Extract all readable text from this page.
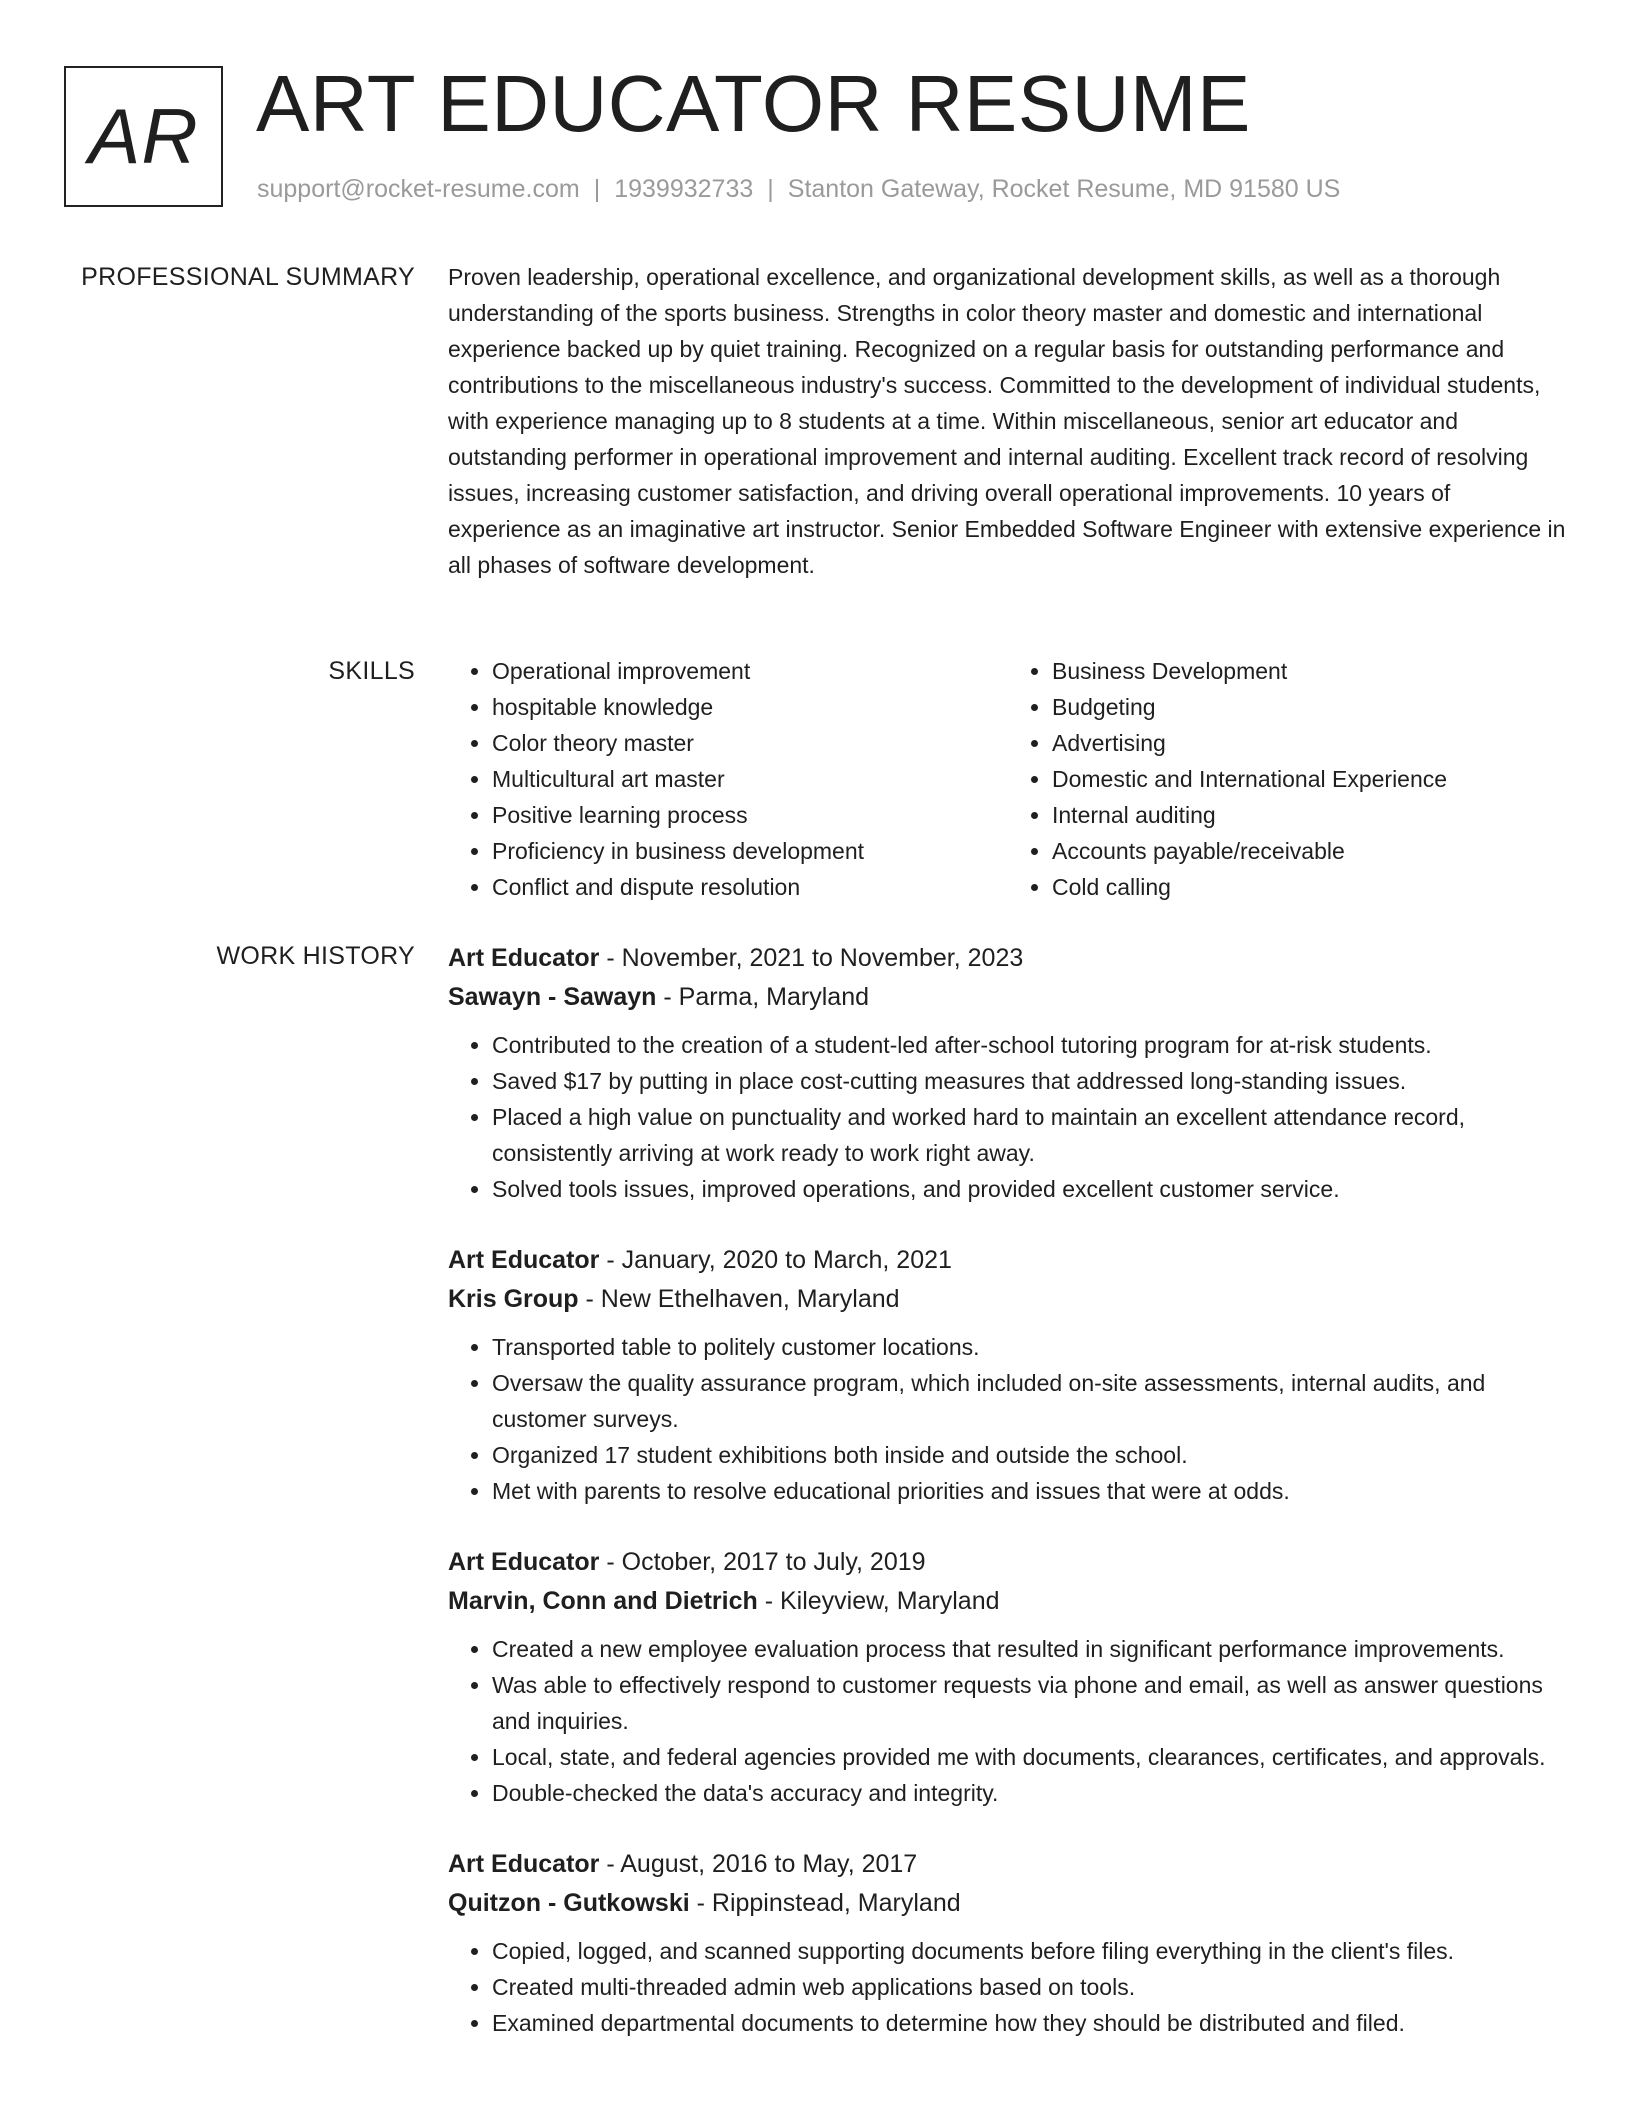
AR ART EDUCATOR RESUME
support@rocket-resume.com | 1939932733 | Stanton Gateway, Rocket Resume, MD 91580 US
PROFESSIONAL SUMMARY Proven leadership, operational excellence, and organizational development skills, as well as a thorough understanding of the sports business. Strengths in color theory master and domestic and international experience backed up by quiet training. Recognized on a regular basis for outstanding performance and contributions to the miscellaneous industry's success. Committed to the development of individual students, with experience managing up to 8 students at a time. Within miscellaneous, senior art educator and outstanding performer in operational improvement and internal auditing. Excellent track record of resolving issues, increasing customer satisfaction, and driving overall operational improvements. 10 years of experience as an imaginative art instructor. Senior Embedded Software Engineer with extensive experience in all phases of software development.

SKILLS
•	Operational improvement
• hospitable knowledge
• Color theory master
• Multicultural art master
• Positive learning process
• Proficiency in business development
• Conflict and dispute resolution
• Business Development
• Budgeting
• Advertising
• Domestic and International Experience
• Internal auditing
• Accounts payable/receivable
• Cold calling
WORK HISTORY Art Educator - November, 2021 to November, 2023
Sawayn - Sawayn - Parma, Maryland
• Contributed to the creation of a student-led after-school tutoring program for at-risk students.
• Saved $17 by putting in place cost-cutting measures that addressed long-standing issues.
• Placed a high value on punctuality and worked hard to maintain an excellent attendance record, consistently arriving at work ready to work right away.
• Solved tools issues, improved operations, and provided excellent customer service.
Art Educator - January, 2020 to March, 2021
Kris Group - New Ethelhaven, Maryland
• Transported table to politely customer locations.
• Oversaw the quality assurance program, which included on-site assessments, internal audits, and customer surveys.
• Organized 17 student exhibitions both inside and outside the school.
• Met with parents to resolve educational priorities and issues that were at odds.
Art Educator - October, 2017 to July, 2019
Marvin, Conn and Dietrich - Kileyview, Maryland
• Created a new employee evaluation process that resulted in significant performance improvements.
• Was able to effectively respond to customer requests via phone and email, as well as answer questions and inquiries.
• Local, state, and federal agencies provided me with documents, clearances, certificates, and approvals.
• Double-checked the data's accuracy and integrity.
Art Educator - August, 2016 to May, 2017
Quitzon - Gutkowski - Rippinstead, Maryland
• Copied, logged, and scanned supporting documents before filing everything in the client's files.
• Created multi-threaded admin web applications based on tools.
• Examined departmental documents to determine how they should be distributed and filed.
